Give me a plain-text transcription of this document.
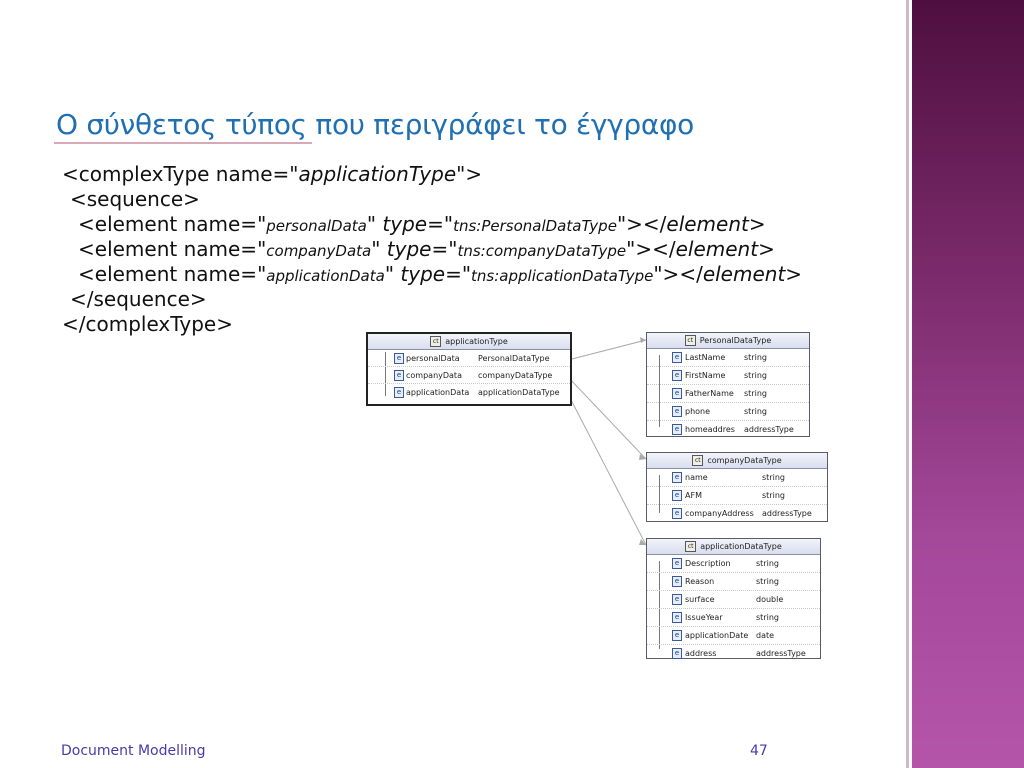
Ο σύνθετος τύπος που περιγράφει το έγγραφο
<complexType name="applicationType">
<sequence>
<element name="personalData" type="tns:PersonalDataType"></element>
<element name="companyData" type="tns:companyDataType"></element>
<element name="applicationData" type="tns:applicationDataType"></element>
</sequence>
</complexType>
ct applicationType
e personalData PersonalDataType
e companyData companyDataType
e applicationData applicationDataType
ct PersonalDataType
e LastName string
e FirstName string
e FatherName string
e phone	string
e homeaddres addressType
ct companyDataType
e name	string
e AFM	string
e companyAddress addressType
ct applicationDataType
e Description	string
e Reason	string
e surface	double
e IssueYear	string
e applicationDate date
e address	addressType
Document Modelling	47
